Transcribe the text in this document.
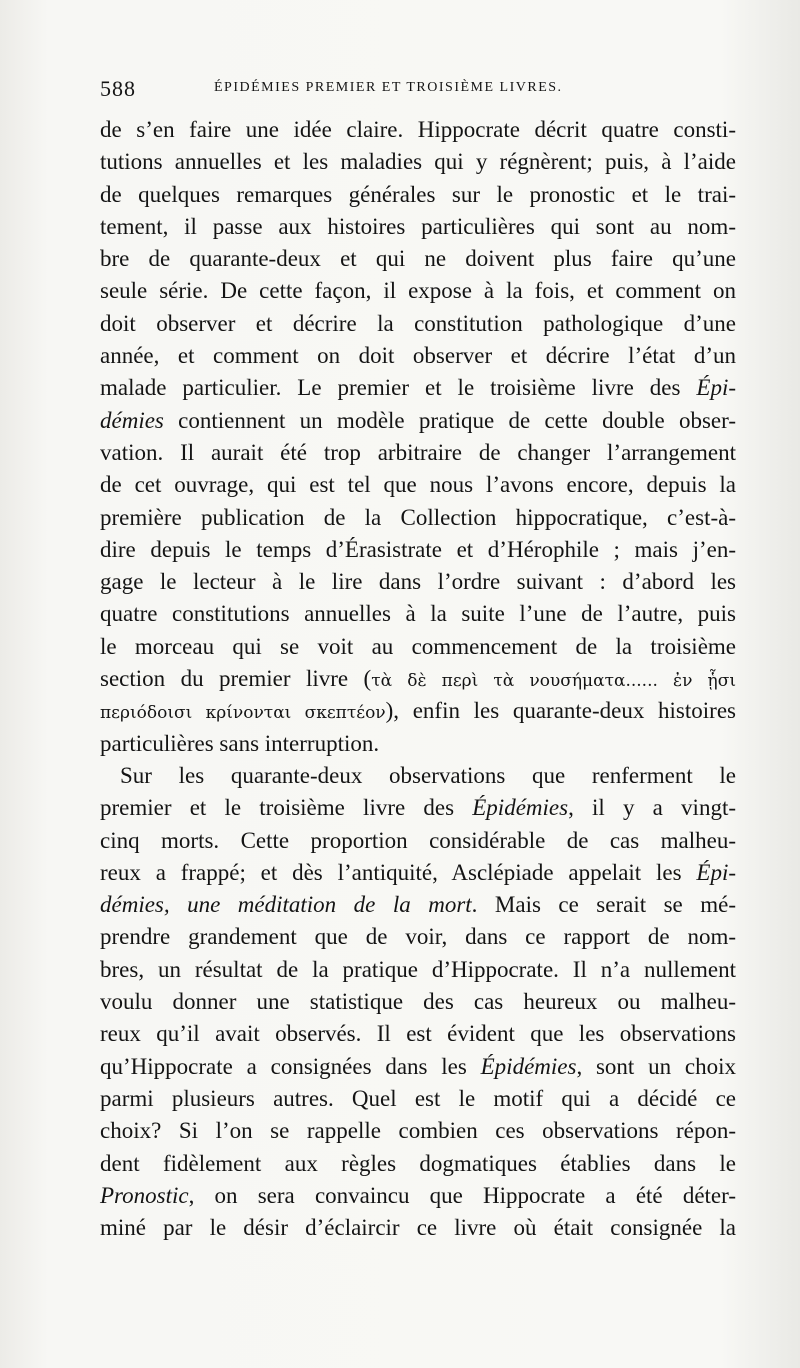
588	ÉPIDÉMIES PREMIER ET TROISIÈME LIVRES.
de s’en faire une idée claire. Hippocrate décrit quatre consti-
tutions annuelles et les maladies qui y régnèrent; puis, à l’aide
de quelques remarques générales sur le pronostic et le trai-
tement, il passe aux histoires particulières qui sont au nom-
bre de quarante-deux et qui ne doivent plus faire qu’une
seule série. De cette façon, il expose à la fois, et comment on
doit observer et décrire la constitution pathologique d’une
année, et comment on doit observer et décrire l’état d’un
malade particulier. Le premier et le troisième livre des Épi-
démies contiennent un modèle pratique de cette double obser-
vation. Il aurait été trop arbitraire de changer l’arrangement
de cet ouvrage, qui est tel que nous l’avons encore, depuis la
première publication de la Collection hippocratique, c’est-à-
dire depuis le temps d’Érasistrate et d’Hérophile ; mais j’en-
gage le lecteur à le lire dans l’ordre suivant : d’abord les
quatre constitutions annuelles à la suite l’une de l’autre, puis
le morceau qui se voit au commencement de la troisième
section du premier livre (τὰ δὲ περὶ τὰ νουσήματα...... ἐν ᾗσι
περιόδοισι κρίνονται σκεπτέον), enfin les quarante-deux histoires
particulières sans interruption.
Sur les quarante-deux observations que renferment le
premier et le troisième livre des Épidémies, il y a vingt-
cinq morts. Cette proportion considérable de cas malheu-
reux a frappé; et dès l’antiquité, Asclépiade appelait les Épi-
démies, une méditation de la mort. Mais ce serait se mé-
prendre grandement que de voir, dans ce rapport de nom-
bres, un résultat de la pratique d’Hippocrate. Il n’a nullement
voulu donner une statistique des cas heureux ou malheu-
reux qu’il avait observés. Il est évident que les observations
qu’Hippocrate a consignées dans les Épidémies, sont un choix
parmi plusieurs autres. Quel est le motif qui a décidé ce
choix? Si l’on se rappelle combien ces observations répon-
dent fidèlement aux règles dogmatiques établies dans le
Pronostic, on sera convaincu que Hippocrate a été déter-
miné par le désir d’éclaircir ce livre où était consignée la
